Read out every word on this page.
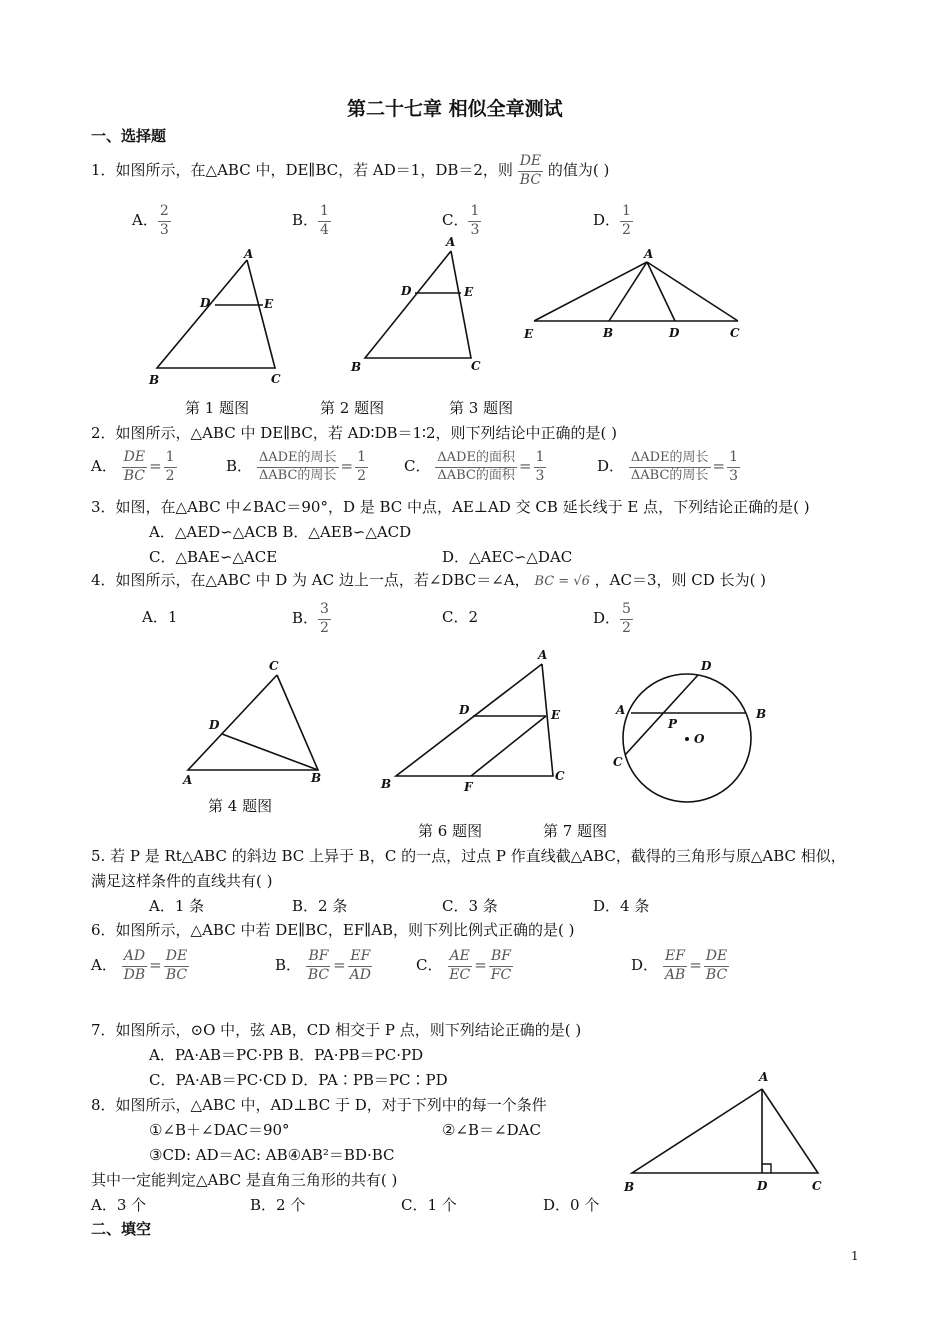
第二十七章 相似全章测试
一、选择题
1．如图所示，在△ABC 中，DE∥BC，若 AD＝1，DB＝2，则 $\frac{DE}{BC}$ 的值为( )
A． $\frac{2}{3}$	B． $\frac{1}{4}$	C． $\frac{1}{3}$	D． $\frac{1}{2}$
A
D	E
B	C
A
D	E
B	C
A
E	B	D	C
第 1 题图	第 2 题图	第 3 题图
2．如图所示，△ABC 中 DE∥BC，若 AD∶DB＝1∶2，则下列结论中正确的是( )
A． $\frac{DE}{BC} = \frac{1}{2}$	B． $\frac{\text{ΔADE的周长}}{\text{ΔABC的周长}} = \frac{1}{2}$ C． $\frac{\text{ΔADE的面积}}{\text{ΔABC的面积}} = \frac{1}{3}$	D． $\frac{\text{ΔADE的周长}}{\text{ΔABC的周长}} = \frac{1}{3}$
3．如图，在△ABC 中∠BAC＝90°，D 是 BC 中点，AE⊥AD 交 CB 延长线于 E 点，下列结论正确的是( )
A．△AED∽△ACB B．△AEB∽△ACD
C．△BAE∽△ACE	D．△AEC∽△DAC
4．如图所示，在△ABC 中 D 为 AC 边上一点，若∠DBC＝∠A， BC = √6 ，AC＝3，则 CD 长为( )
A．1	B． $\frac{3}{2}$	C．2	D． $\frac{5}{2}$
C
D
A	B
A
D	E
B	F
C
D
A
P
O
B
C
第 4 题图
第 6 题图	第 7 题图
5. 若 P 是 Rt△ABC 的斜边 BC 上异于 B，C 的一点，过点 P 作直线截△ABC，截得的三角形与原△ABC 相似，
满足这样条件的直线共有( )
A．1 条	B．2 条	C．3 条	D．4 条
6．如图所示，△ABC 中若 DE∥BC，EF∥AB，则下列比例式正确的是( )
A． $\frac{AD}{DB} = \frac{DE}{BC}$	B． $\frac{BF}{BC} = \frac{EF}{AD}$	C． $\frac{AE}{EC} = \frac{BF}{FC}$	D． $\frac{EF}{AB} = \frac{DE}{BC}$
7．如图所示，⊙O 中，弦 AB，CD 相交于 P 点，则下列结论正确的是( )
A．PA·AB＝PC·PB B．PA·PB＝PC·PD
C．PA·AB＝PC·CD D．PA∶PB＝PC∶PD
8．如图所示，△ABC 中，AD⊥BC 于 D，对于下列中的每一个条件
①∠B＋∠DAC＝90°	②∠B＝∠DAC
③CD: AD＝AC: AB④AB²＝BD·BC
其中一定能判定△ABC 是直角三角形的共有( )
A．3 个	B．2 个	C．1 个	D．0 个
A
B	D	C
二、填空
1
